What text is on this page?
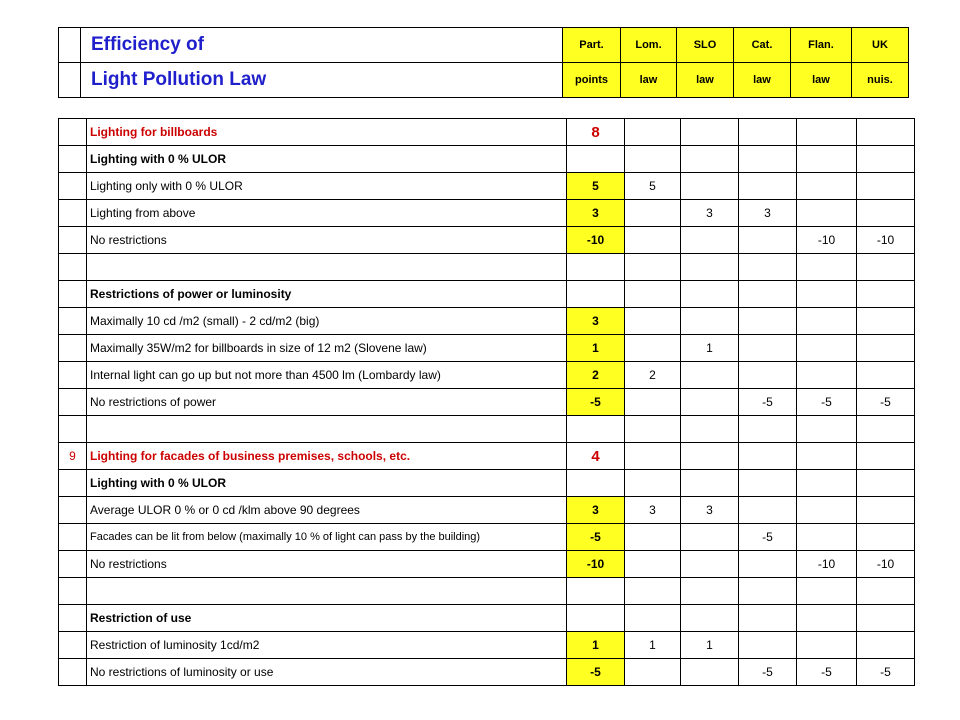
	Efficiency of	Part.	Lom.	SLO	Cat.	Flan.	UK
	Light Pollution Law	points	law	law	law	law	nuis.
	Lighting for billboards	8					
	Lighting with 0 % ULOR						
	Lighting only with 0 % ULOR	5	5				
	Lighting from above	3		3	3		
	No restrictions	-10				-10	-10

	Restrictions of power or luminosity						
	Maximally 10 cd /m2 (small) - 2 cd/m2 (big)	3					
	Maximally 35W/m2 for billboards in size of 12 m2 (Slovene law)	1		1			
	Internal light can go up but not more than 4500 lm (Lombardy law)	2	2				
	No restrictions of power	-5			-5	-5	-5

9	Lighting for facades of business premises, schools, etc.	4					
	Lighting with 0 % ULOR						
	Average ULOR 0 % or 0 cd /klm above 90 degrees	3	3	3			
	Facades can be lit from below (maximally 10 % of light can pass by the building)	-5			-5		
	No restrictions	-10				-10	-10

	Restriction of use						
	Restriction of luminosity 1cd/m2	1	1	1			
	No restrictions of luminosity or use	-5			-5	-5	-5
